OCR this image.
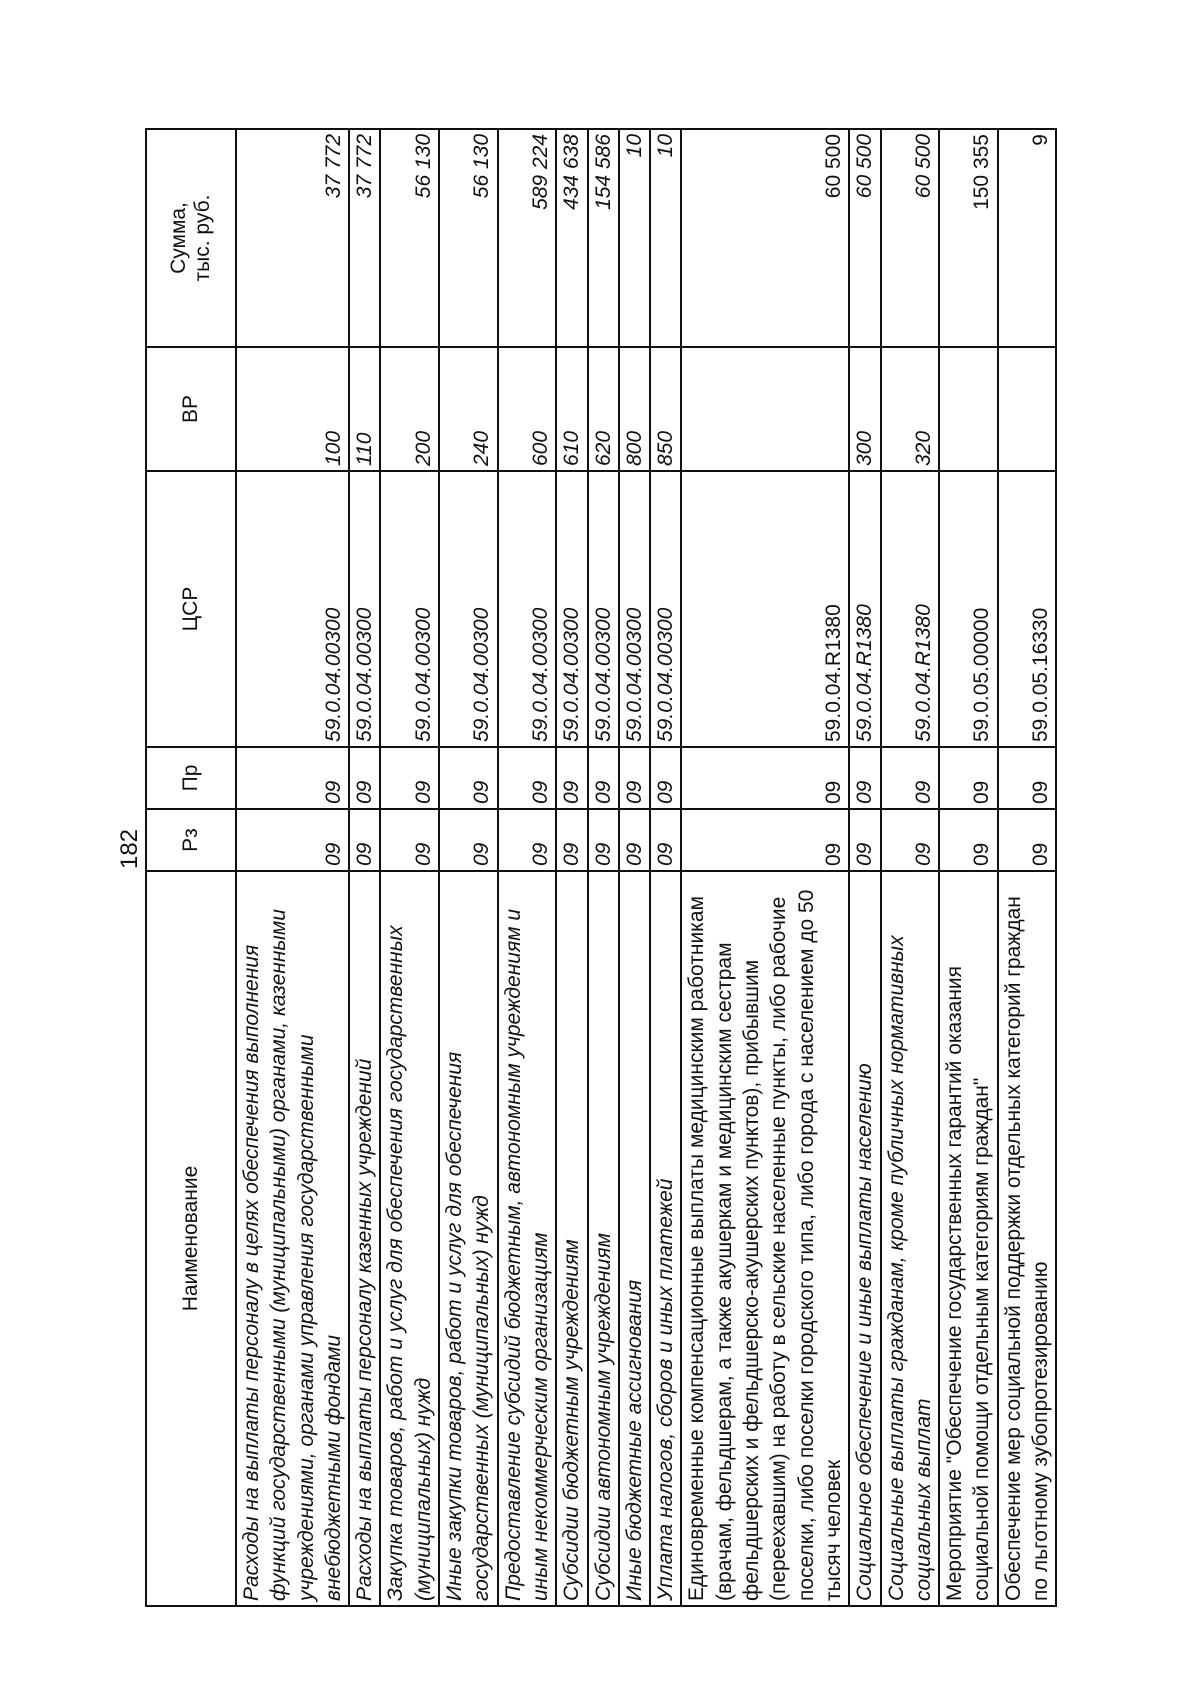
182
Наименование	Рз	Пр	ЦСР	ВР	Сумма,
тыс. руб.
Расходы на выплаты персоналу в целях обеспечения выполнения функций государственными (муниципальными) органами, казенными учреждениями, органами управления государственными внебюджетными фондами	09	09	59.0.04.00300	100	37 772
Расходы на выплаты персоналу казенных учреждений	09	09	59.0.04.00300	110	37 772
Закупка товаров, работ и услуг для обеспечения государственных (муниципальных) нужд	09	09	59.0.04.00300	200	56 130
Иные закупки товаров, работ и услуг для обеспечения государственных (муниципальных) нужд	09	09	59.0.04.00300	240	56 130
Предоставление субсидий бюджетным, автономным учреждениям и иным некоммерческим организациям	09	09	59.0.04.00300	600	589 224
Субсидии бюджетным учреждениям	09	09	59.0.04.00300	610	434 638
Субсидии автономным учреждениям	09	09	59.0.04.00300	620	154 586
Иные бюджетные ассигнования	09	09	59.0.04.00300	800	10
Уплата налогов, сборов и иных платежей	09	09	59.0.04.00300	850	10
Единовременные компенсационные выплаты медицинским работникам (врачам, фельдшерам, а также акушеркам и медицинским сестрам фельдшерских и фельдшерско-акушерских пунктов), прибывшим (переехавшим) на работу в сельские населенные пункты, либо рабочие поселки, либо поселки городского типа, либо города с населением до 50 тысяч человек	09	09	59.0.04.R1380		60 500
Социальное обеспечение и иные выплаты населению	09	09	59.0.04.R1380	300	60 500
Социальные выплаты гражданам, кроме публичных нормативных социальных выплат	09	09	59.0.04.R1380	320	60 500
Мероприятие "Обеспечение государственных гарантий оказания социальной помощи отдельным категориям граждан"	09	09	59.0.05.00000		150 355
Обеспечение мер социальной поддержки отдельных категорий граждан по льготному зубопротезированию	09	09	59.0.05.16330		9
